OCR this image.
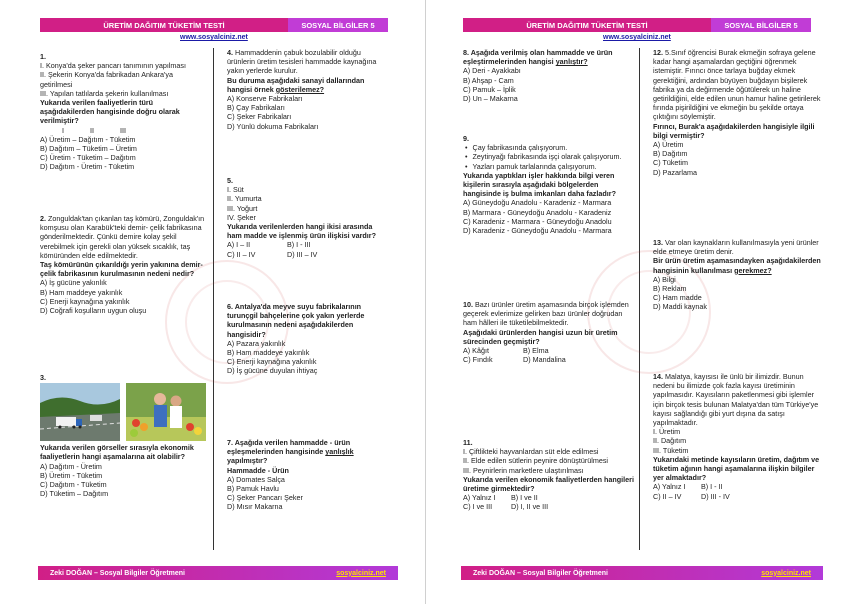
ÜRETİM DAĞITIM TÜKETİM TESTİ	SOSYAL BİLGİLER 5
www.sosyalciniz.net

1.

I. Konya'da şeker pancarı tanımının yapılması

II. Şekerin Konya'da fabrikadan Ankara'ya

getirilmesi

III. Yapılan tatlılarda şekerin kullanılması

Yukarıda verilen faaliyetlerin türü aşağıdakilerden hangisinde doğru olarak verilmiştir?

I	II	III

A) Üretim – Dağıtım - Tüketim

B) Dağıtım – Tüketim – Üretim

C) Üretim - Tüketim – Dağıtım

D) Dağıtım - Üretim - Tüketim

2. Zonguldak'tan çıkanlan taş kömürü, Zonguldak'ın komşusu olan Karabük'teki demir- çelik fabrikasına gönderilmektedir. Çünkü demire kolay şekil verebilmek için gerekli olan yüksek sıcaklık, taş kömüründen elde edilmektedir.

Taş kömürünün çıkarıldığı yerin yakınına demir-çelik fabrikasının kurulmasının nedeni nedir?

A) İş gücüne yakınlık

B) Ham maddeye yakınlık

C) Enerji kaynağına yakınlık

D) Coğrafi koşulların uygun oluşu

3.

Yukarıda verilen görseller sırasıyla ekonomik faaliyetlerin hangi aşamalarına ait olabilir?

A) Dağıtım - Üretim

B) Üretim - Tüketim

C) Dağıtım - Tüketim

D) Tüketim – Dağıtım

4. Hammaddenin çabuk bozulabilir olduğu ürünlerin üretim tesisleri hammadde kaynağına yakın yerlerde kurulur.

Bu duruma aşağıdaki sanayi dallarından hangisi örnek gösterilemez?

A) Konserve Fabrikaları

B) Çay Fabrikaları

C) Şeker Fabrikaları

D) Yünlü dokuma Fabrikaları

5.

I. Süt

II. Yumurta

III. Yoğurt

IV. Şeker

Yukarıda verilenlerden hangi ikisi arasında ham madde ve işlenmiş ürün ilişkisi vardır?

A) I – II	B) I - III

C) II – IV	D) III – IV

6. Antalya'da meyve suyu fabrikalarının turunçgil bahçelerine çok yakın yerlerde kurulmasının nedeni aşağıdakilerden hangisidir?

A) Pazara yakınlık

B) Ham maddeye yakınlık

C) Enerji kaynağına yakınlık

D) İş gücüne duyulan ihtiyaç

7. Aşağıda verilen hammadde - ürün eşleşmelerinden hangisinde yanlışlık yapılmıştır?

Hammadde - Ürün

A) Domates Salça

B) Pamuk Havlu

C) Şeker Pancarı Şeker

D) Mısır Makarna

Zeki DOĞAN – Sosyal Bilgiler Öğretmeni	sosyalciniz.net
ÜRETİM DAĞITIM TÜKETİM TESTİ	SOSYAL BİLGİLER 5
www.sosyalciniz.net

8. Aşağıda verilmiş olan hammadde ve ürün eşleştirmelerinden hangisi yanlıştır?

A) Deri - Ayakkabı

B) Ahşap - Cam

C) Pamuk – İplik

D) Un – Makarna

9.

• Çay fabrikasında çalışıyorum.

• Zeytinyağı fabrikasında işçi olarak çalışıyorum.

• Yazları pamuk tarlalarında çalışıyorum.

Yukarıda yaptıkları işler hakkında bilgi veren kişilerin sırasıyla aşağıdaki bölgelerden hangisinde iş bulma imkanları daha fazladır?

A) Güneydoğu Anadolu - Karadeniz - Marmara

B) Marmara - Güneydoğu Anadolu - Karadeniz

C) Karadeniz - Marmara - Güneydoğu Anadolu

D) Karadeniz - Güneydoğu Anadolu - Marmara

10. Bazı ürünler üretim aşamasında birçok işlemden geçerek evlerimize gelirken bazı ürünler doğrudan ham hâlleri ile tüketilebilmektedir.

Aşağıdaki ürünlerden hangisi uzun bir üretim sürecinden geçmiştir?

A) Kâğıt	B) Elma

C) Fındık	D) Mandalina

11.

I. Çiftlikteki hayvanlardan süt elde edilmesi

II. Elde edilen sütlerin peynire dönüştürülmesi

III. Peynirlerin marketlere ulaştırılması

Yukarıda verilen ekonomik faaliyetlerden hangileri üretime girmektedir?

A) Yalnız I	B) I ve II

C) I ve III	D) I, II ve III

12. 5.Sınıf öğrencisi Burak ekmeğin sofraya gelene kadar hangi aşamalardan geçtiğini öğrenmek istemiştir. Fırıncı önce tarlaya buğday ekmek gerektiğini, ardından büyüyen buğdayın bişilerek fabrika ya da değirmende öğütülerek un haline getirildiğini, elde edilen unun hamur haline getirilerek fırında pişirildiğini ve ekmeğin bu şekilde ortaya çıktığını söylemiştir.

Fırıncı, Burak'a aşağıdakilerden hangisiyle ilgili bilgi vermiştir?

A) Üretim

B) Dağıtım

C) Tüketim

D) Pazarlama

13. Var olan kaynakların kullanılmasıyla yeni ürünler elde etmeye üretim denir.

Bir ürün üretim aşamasındayken aşağıdakilerden hangisinin kullanılması gerekmez?

A) Bilgi

B) Reklam

C) Ham madde

D) Maddi kaynak

14. Malatya, kayısısı ile ünlü bir ilimizdir. Bunun nedeni bu ilimizde çok fazla kayısı üretiminin yapılmasıdır. Kayısıların paketlenmesi gibi işlemler için birçok tesis bulunan Malatya'dan tüm Türkiye'ye kayısı sağlandığı gibi yurt dışına da satışı yapılmaktadır.

I. Üretim

II. Dağıtım

III. Tüketim

Yukarıdaki metinde kayısıların üretim, dağıtım ve tüketim ağının hangi aşamalarına ilişkin bilgiler yer almaktadır?

A) Yalnız I	B) I - II

C) II – IV	D) III - IV

Zeki DOĞAN – Sosyal Bilgiler Öğretmeni	sosyalciniz.net
